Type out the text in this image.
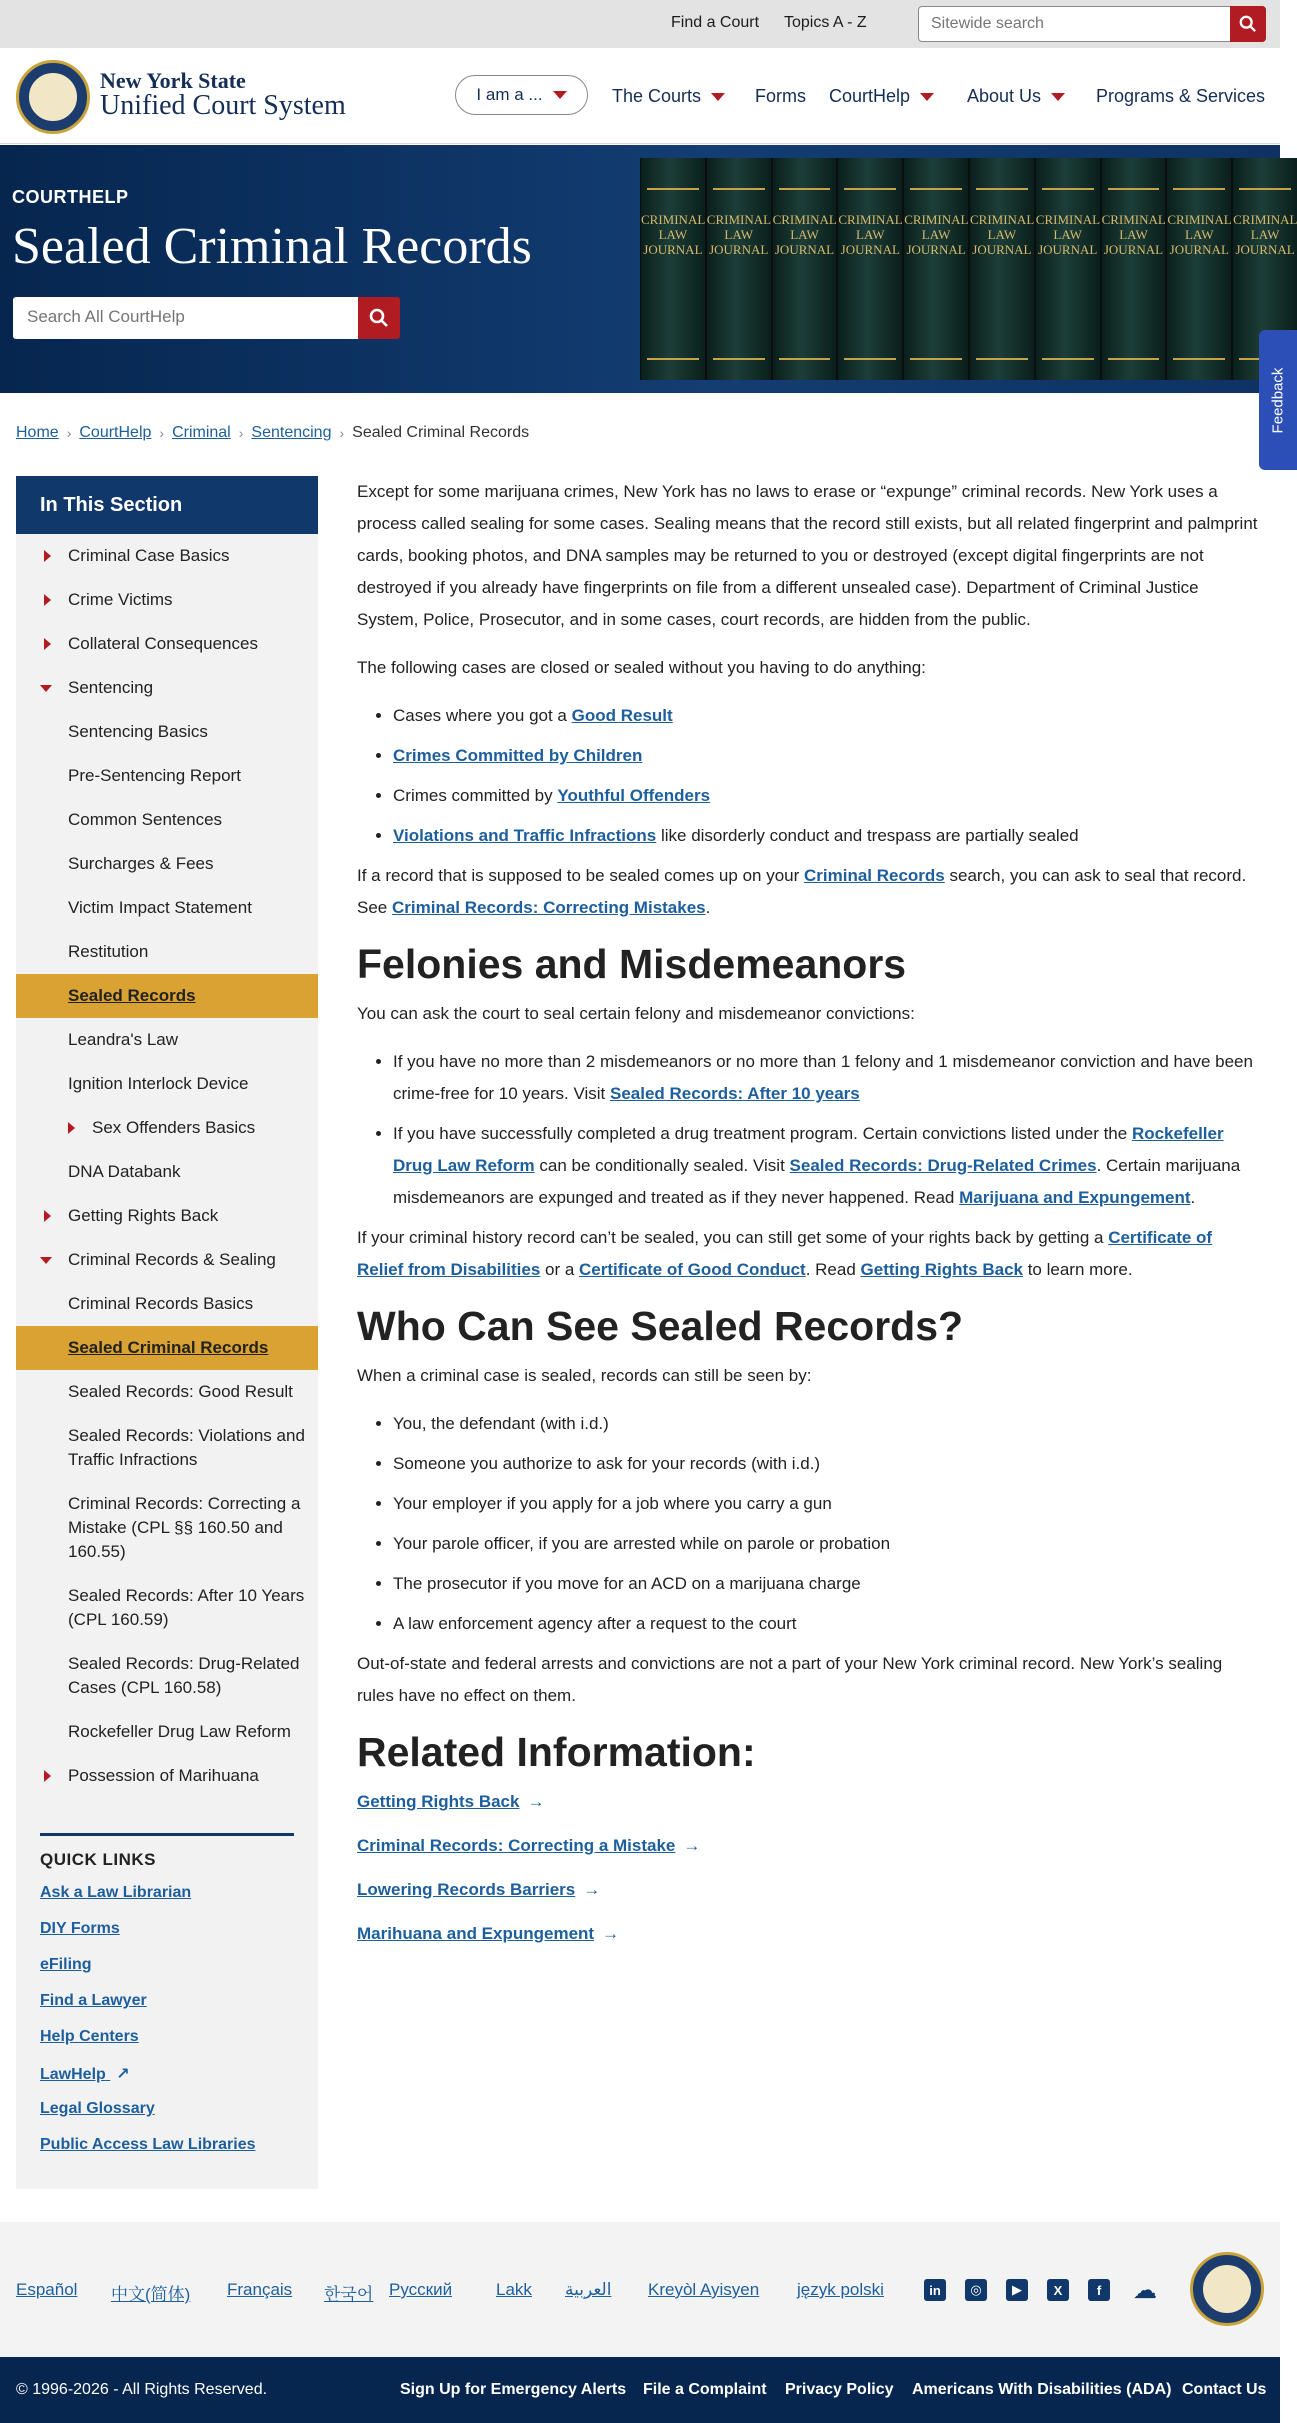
Find a Court Topics A - Z
Sitewide search
New York State
Unified Court System	I am a ...	The Courts	Forms CourtHelp	About Us	Programs & Services
COURTHELP
Sealed Criminal Records
Search All CourtHelp	CRIMINAL LAW JOURNAL
CRIMINAL LAW JOURNAL
CRIMINAL LAW JOURNAL
CRIMINAL LAW JOURNAL
CRIMINAL LAW JOURNAL
CRIMINAL LAW JOURNAL
CRIMINAL LAW JOURNAL
CRIMINAL LAW JOURNAL
CRIMINAL LAW JOURNAL
CRIMINAL LAW JOURNAL
Feedback
Home › CourtHelp › Criminal › Sentencing › Sealed Criminal Records
In This Section
Criminal Case Basics
Crime Victims
Collateral Consequences
Sentencing
Sentencing Basics
Pre-Sentencing Report
Common Sentences
Surcharges & Fees
Victim Impact Statement
Restitution
Sealed Records
Leandra's Law
Ignition Interlock Device
Sex Offenders Basics
DNA Databank
Getting Rights Back
Criminal Records & Sealing
Criminal Records Basics
Sealed Criminal Records
Sealed Records: Good Result
Sealed Records: Violations and Traffic Infractions
Criminal Records: Correcting a Mistake (CPL §§ 160.50 and 160.55)
Sealed Records: After 10 Years (CPL 160.59)
Sealed Records: Drug-Related Cases (CPL 160.58)
Rockefeller Drug Law Reform
Possession of Marihuana
QUICK LINKS
Ask a Law Librarian
DIY Forms
eFiling
Find a Lawyer
Help Centers
LawHelp ↗
Legal Glossary
Public Access Law Libraries

Except for some marijuana crimes, New York has no laws to erase or “expunge” criminal records. New York uses a process called sealing for some cases. Sealing means that the record still exists, but all related fingerprint and palmprint cards, booking photos, and DNA samples may be returned to you or destroyed (except digital fingerprints are not destroyed if you already have fingerprints on file from a different unsealed case). Department of Criminal Justice System, Police, Prosecutor, and in some cases, court records, are hidden from the public.

The following cases are closed or sealed without you having to do anything:

• Cases where you got a Good Result
• Crimes Committed by Children
• Crimes committed by Youthful Offenders
• Violations and Traffic Infractions like disorderly conduct and trespass are partially sealed

If a record that is supposed to be sealed comes up on your Criminal Records search, you can ask to seal that record. See Criminal Records: Correcting Mistakes.

Felonies and Misdemeanors

You can ask the court to seal certain felony and misdemeanor convictions:

• If you have no more than 2 misdemeanors or no more than 1 felony and 1 misdemeanor conviction and have been crime-free for 10 years. Visit Sealed Records: After 10 years
• If you have successfully completed a drug treatment program. Certain convictions listed under the Rockefeller Drug Law Reform can be conditionally sealed. Visit Sealed Records: Drug-Related Crimes. Certain marijuana misdemeanors are expunged and treated as if they never happened. Read Marijuana and Expungement.

If your criminal history record can’t be sealed, you can still get some of your rights back by getting a Certificate of Relief from Disabilities or a Certificate of Good Conduct. Read Getting Rights Back to learn more.

Who Can See Sealed Records?

When a criminal case is sealed, records can still be seen by:

• You, the defendant (with i.d.)
• Someone you authorize to ask for your records (with i.d.)
• Your employer if you apply for a job where you carry a gun
• Your parole officer, if you are arrested while on parole or probation
• The prosecutor if you move for an ACD on a marijuana charge
• A law enforcement agency after a request to the court

Out-of-state and federal arrests and convictions are not a part of your New York criminal record. New York’s sealing rules have no effect on them.

Related Information:
Getting Rights Back →
Criminal Records: Correcting a Mistake →
Lowering Records Barriers →
Marihuana and Expungement →
Español 中文(简体) Français 한국어 Русский	Lakk العربية Kreyòl Ayisyen język polski	in	◎	▶	X	f	☁
© 1996-2026 - All Rights Reserved.	Sign Up for Emergency Alerts File a Complaint Privacy Policy Americans With Disabilities (ADA) Contact Us
